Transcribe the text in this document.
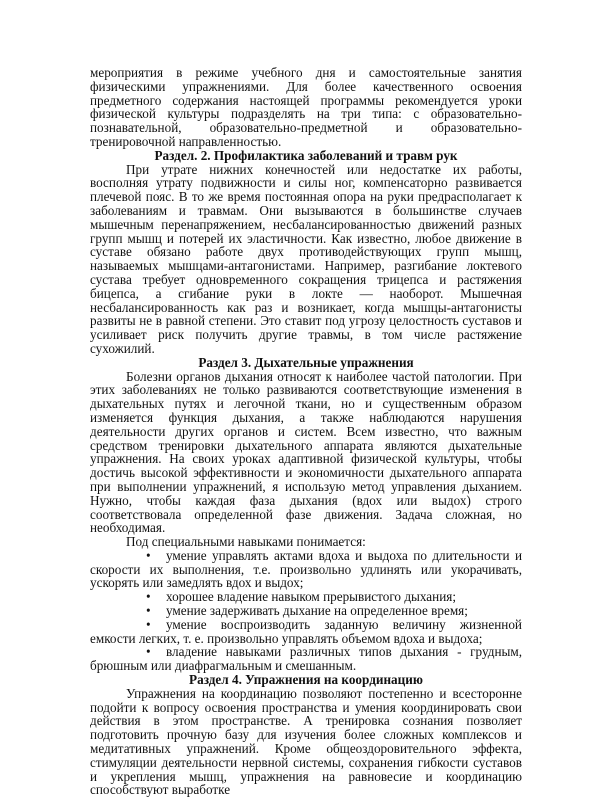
мероприятия в режиме учебного дня и самостоятельные занятия физическими упражнениями. Для более качественного освоения предметного содержания настоящей программы рекомендуется уроки физической культуры подразделять на три типа: с образовательно-познавательной, образовательно-предметной и образовательно-тренировочной направленностью.

Раздел. 2. Профилактика заболеваний и травм рук

При утрате нижних конечностей или недостатке их работы, восполняя утрату подвижности и силы ног, компенсаторно развивается плечевой пояс. В то же время постоянная опора на руки предрасполагает к заболеваниям и травмам. Они вызываются в большинстве случаев мышечным перенапряжением, несбалансированностью движений разных групп мышц и потерей их эластичности. Как известно, любое движение в суставе обязано работе двух противодействующих групп мышц, называемых мышцами-антагонистами. Например, разгибание локтевого сустава требует одновременного сокращения трицепса и растяжения бицепса, а сгибание руки в локте — наоборот. Мышечная несбалансированность как раз и возникает, когда мышцы-антагонисты развиты не в равной степени. Это ставит под угрозу целостность суставов и усиливает риск получить другие травмы, в том числе растяжение сухожилий.

Раздел 3. Дыхательные упражнения

Болезни органов дыхания относят к наиболее частой патологии. При этих заболеваниях не только развиваются соответствующие изменения в дыхательных путях и легочной ткани, но и существенным образом изменяется функция дыхания, а также наблюдаются нарушения деятельности других органов и систем. Всем известно, что важным средством тренировки дыхательного аппарата являются дыхательные упражнения. На своих уроках адаптивной физической культуры, чтобы достичь высокой эффективности и экономичности дыхательного аппарата при выполнении упражнений, я использую метод управления дыханием. Нужно, чтобы каждая фаза дыхания (вдох или выдох) строго соответствовала определенной фазе движения. Задача сложная, но необходимая.

Под специальными навыками понимается:

• умение управлять актами вдоха и выдоха по длительности и скорости их выполнения, т.е. произвольно удлинять или укорачивать, ускорять или замедлять вдох и выдох;

• хорошее владение навыком прерывистого дыхания;

• умение задерживать дыхание на определенное время;

• умение воспроизводить заданную величину жизненной емкости легких, т. е. произвольно управлять объемом вдоха и выдоха;

• владение навыками различных типов дыхания - грудным, брюшным или диафрагмальным и смешанным.

Раздел 4. Упражнения на координацию

Упражнения на координацию позволяют постепенно и всесторонне подойти к вопросу освоения пространства и умения координировать свои действия в этом пространстве. А тренировка сознания позволяет подготовить прочную базу для изучения более сложных комплексов и медитативных упражнений. Кроме общеоздоровительного эффекта, стимуляции деятельности нервной системы, сохранения гибкости суставов и укрепления мышц, упражнения на равновесие и координацию способствуют выработке
